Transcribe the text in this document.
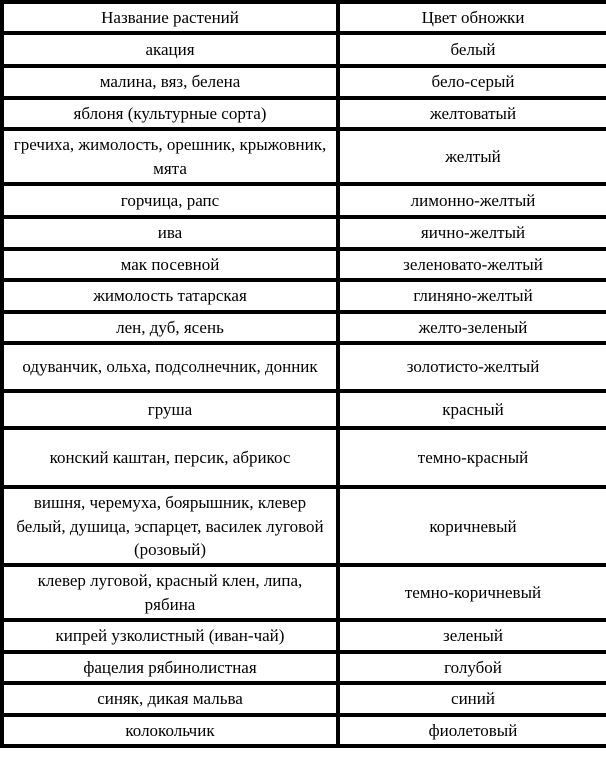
Название растений	Цвет обножки
акация	белый
малина, вяз, белена	бело-серый
яблоня (культурные сорта)	желтоватый
гречиха, жимолость, орешник, крыжовник, мята	желтый
горчица, рапс	лимонно-желтый
ива	яично-желтый
мак посевной	зеленовато-желтый
жимолость татарская	глиняно-желтый
лен, дуб, ясень	желто-зеленый
одуванчик, ольха, подсолнечник, донник	золотисто-желтый
груша	красный
конский каштан, персик, абрикос	темно-красный
вишня, черемуха, боярышник, клевер белый, душица, эспарцет, василек луговой (розовый)	коричневый
клевер луговой, красный клен, липа, рябина	темно-коричневый
кипрей узколистный (иван-чай)	зеленый
фацелия рябинолистная	голубой
синяк, дикая мальва	синий
колокольчик	фиолетовый
